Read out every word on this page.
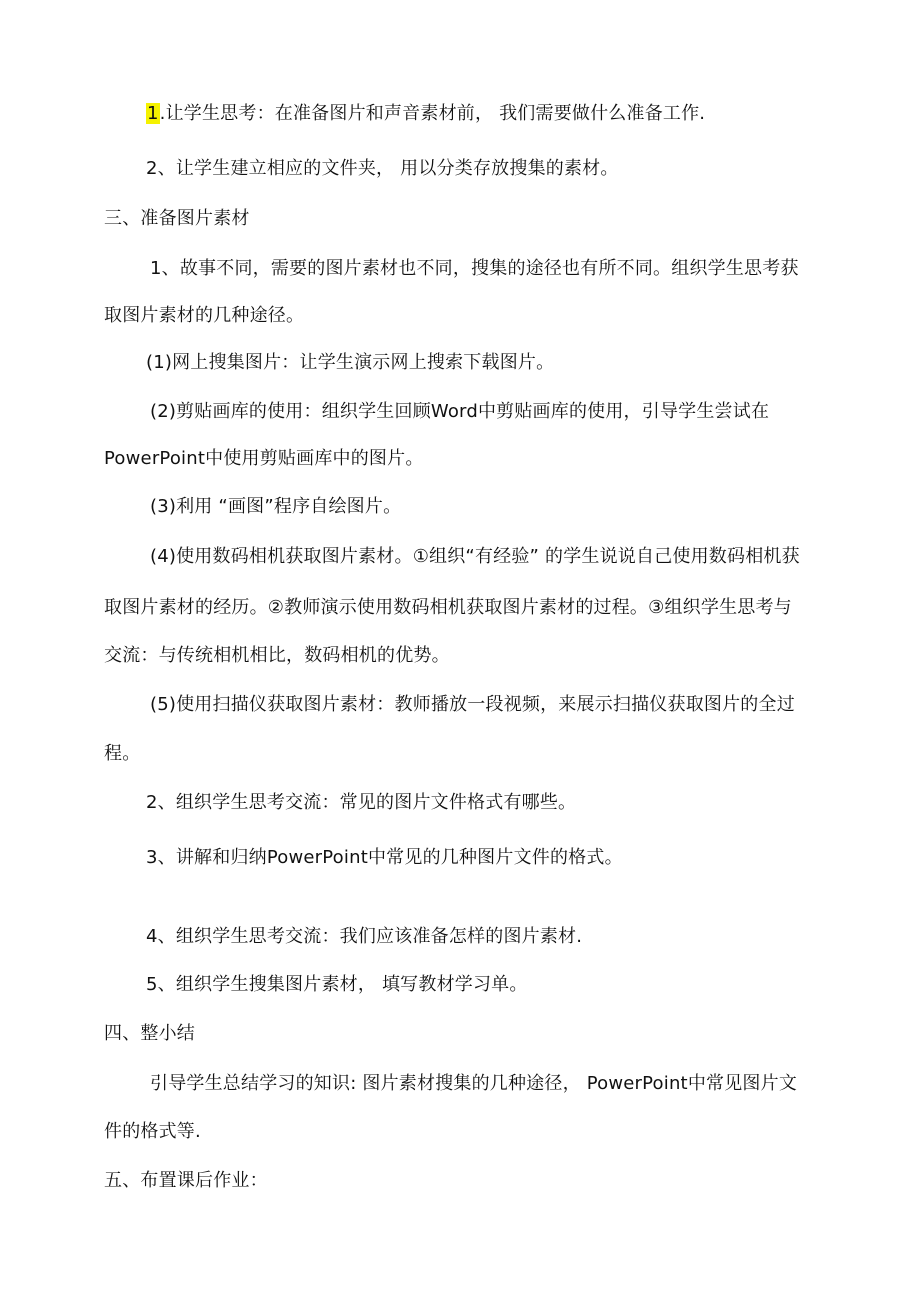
1.让学生思考：在准备图片和声音素材前， 我们需要做什么准备工作.
2、让学生建立相应的文件夹， 用以分类存放搜集的素材。
三、准备图片素材
1、故事不同，需要的图片素材也不同，搜集的途径也有所不同。组织学生思考获
取图片素材的几种途径。
(1)网上搜集图片：让学生演示网上搜索下载图片。
(2)剪贴画库的使用：组织学生回顾Word中剪贴画库的使用，引导学生尝试在
PowerPoint中使用剪贴画库中的图片。
(3)利用 “画图”程序自绘图片。
(4)使用数码相机获取图片素材。①组织“有经验” 的学生说说自己使用数码相机获
取图片素材的经历。②教师演示使用数码相机获取图片素材的过程。③组织学生思考与
交流：与传统相机相比，数码相机的优势。
(5)使用扫描仪获取图片素材：教师播放一段视频，来展示扫描仪获取图片的全过
程。
2、组织学生思考交流：常见的图片文件格式有哪些。
3、讲解和归纳PowerPoint中常见的几种图片文件的格式。
4、组织学生思考交流：我们应该准备怎样的图片素材.
5、组织学生搜集图片素材， 填写教材学习单。
四、整小结
引导学生总结学习的知识: 图片素材搜集的几种途径， PowerPoint中常见图片文
件的格式等.
五、布置课后作业：
